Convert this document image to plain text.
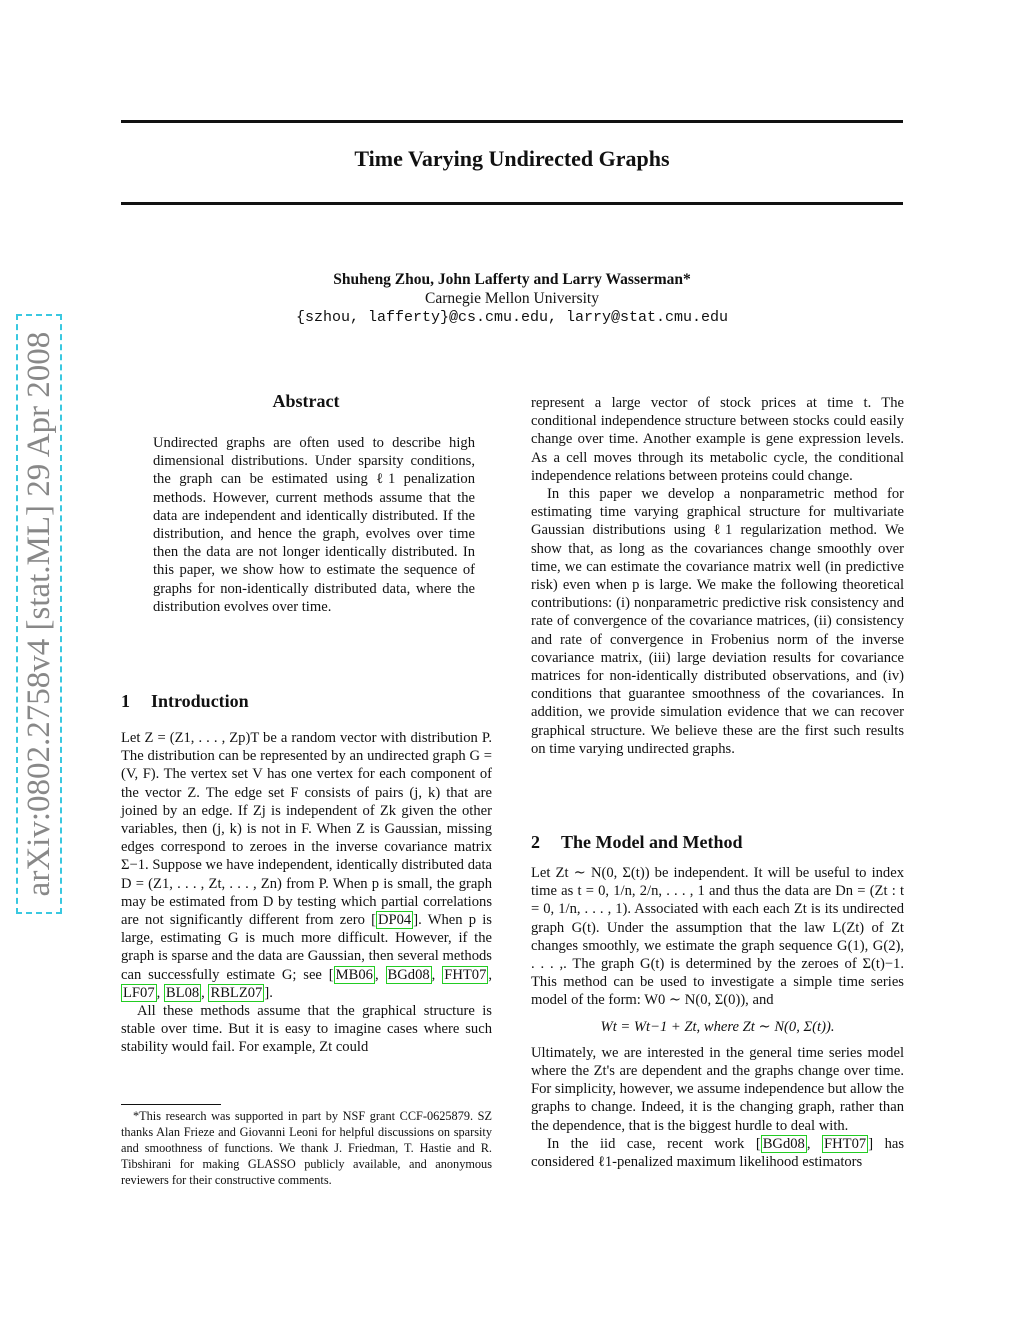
Time Varying Undirected Graphs
Shuheng Zhou, John Lafferty and Larry Wasserman*
Carnegie Mellon University
{szhou, lafferty}@cs.cmu.edu, larry@stat.cmu.edu
arXiv:0802.2758v4 [stat.ML] 29 Apr 2008	Abstract

Undirected graphs are often used to describe high dimensional distributions. Under sparsity conditions, the graph can be estimated using ℓ1 penalization methods. However, current methods assume that the data are independent and identically distributed. If the distribution, and hence the graph, evolves over time then the data are not longer identically distributed. In this paper, we show how to estimate the sequence of graphs for non-identically distributed data, where the distribution evolves over time.

1 Introduction

Let Z = (Z1, . . . , Zp)T be a random vector with distribution P. The distribution can be represented by an undirected graph G = (V, F). The vertex set V has one vertex for each component of the vector Z. The edge set F consists of pairs (j, k) that are joined by an edge. If Zj is independent of Zk given the other variables, then (j, k) is not in F. When Z is Gaussian, missing edges correspond to zeroes in the inverse covariance matrix Σ−1. Suppose we have independent, identically distributed data D = (Z1, . . . , Zt, . . . , Zn) from P. When p is small, the graph may be estimated from D by testing which partial correlations are not significantly different from zero [ DP04 ]. When p is large, estimating G is much more difficult. However, if the graph is sparse and the data are Gaussian, then several methods can successfully estimate G; see [ MB06 , BGd08 , FHT07 , LF07 , BL08 , RBLZ07 ].

All these methods assume that the graphical structure is stable over time. But it is easy to imagine cases where such stability would fail. For example, Zt could

*This research was supported in part by NSF grant CCF-0625879. SZ thanks Alan Frieze and Giovanni Leoni for helpful discussions on sparsity and smoothness of functions. We thank J. Friedman, T. Hastie and R. Tibshirani for making GLASSO publicly available, and anonymous reviewers for their constructive comments.

represent a large vector of stock prices at time t. The conditional independence structure between stocks could easily change over time. Another example is gene expression levels. As a cell moves through its metabolic cycle, the conditional independence relations between proteins could change.

In this paper we develop a nonparametric method for estimating time varying graphical structure for multivariate Gaussian distributions using ℓ1 regularization method. We show that, as long as the covariances change smoothly over time, we can estimate the covariance matrix well (in predictive risk) even when p is large. We make the following theoretical contributions: (i) nonparametric predictive risk consistency and rate of convergence of the covariance matrices, (ii) consistency and rate of convergence in Frobenius norm of the inverse covariance matrix, (iii) large deviation results for covariance matrices for non-identically distributed observations, and (iv) conditions that guarantee smoothness of the covariances. In addition, we provide simulation evidence that we can recover graphical structure. We believe these are the first such results on time varying undirected graphs.

2 The Model and Method

Let Zt ∼ N(0, Σ(t)) be independent. It will be useful to index time as t = 0, 1/n, 2/n, . . . , 1 and thus the data are Dn = (Zt : t = 0, 1/n, . . . , 1). Associated with each each Zt is its undirected graph G(t). Under the assumption that the law L(Zt) of Zt changes smoothly, we estimate the graph sequence G(1), G(2), . . . ,. The graph G(t) is determined by the zeroes of Σ(t)−1. This method can be used to investigate a simple time series model of the form: W0 ∼ N(0, Σ(0)), and

Wt = Wt−1 + Zt, where Zt ∼ N(0, Σ(t)).

Ultimately, we are interested in the general time series model where the Zt's are dependent and the graphs change over time. For simplicity, however, we assume independence but allow the graphs to change. Indeed, it is the changing graph, rather than the dependence, that is the biggest hurdle to deal with.

In the iid case, recent work [ BGd08 , FHT07 ] has considered ℓ1-penalized maximum likelihood estimators
